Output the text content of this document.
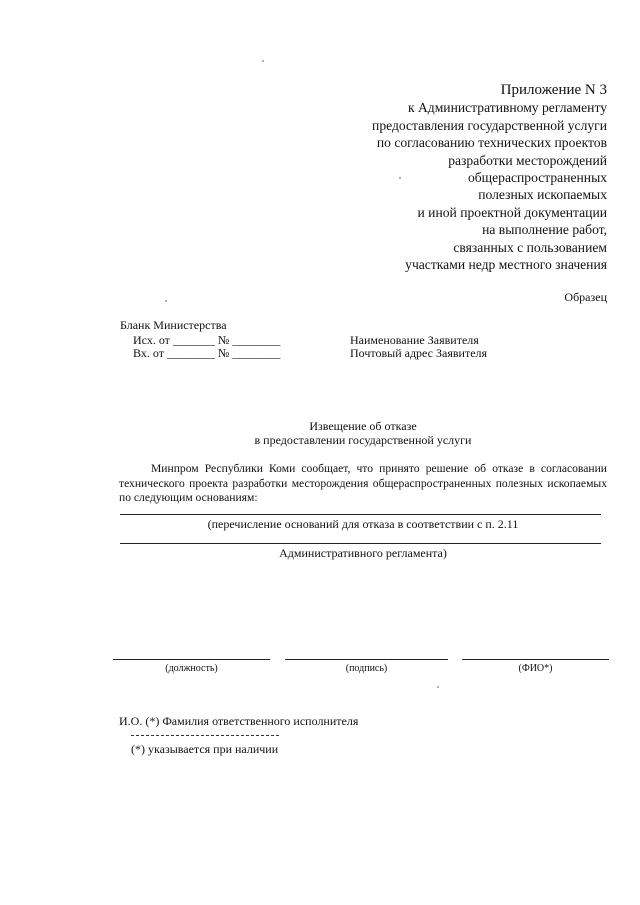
Приложение N 3
к Административному регламенту
предоставления государственной услуги
по согласованию технических проектов
разработки месторождений
общераспространенных
полезных ископаемых
и иной проектной документации
на выполнение работ,
связанных с пользованием
участками недр местного значения
Образец
Бланк Министерства
Исх. от _______ № ________
Вх. от ________ № ________
Наименование Заявителя
Почтовый адрес Заявителя
Извещение об отказе
в предоставлении государственной услуги
Минпром Республики Коми сообщает, что принято решение об отказе в согласовании технического проекта разработки месторождения общераспространенных полезных ископаемых по следующим основаниям:
(перечисление оснований для отказа в соответствии с п. 2.11
Административного регламента)
(должность)	(подпись)	(ФИО*)
И.О. (*) Фамилия ответственного исполнителя
(*) указывается при наличии
